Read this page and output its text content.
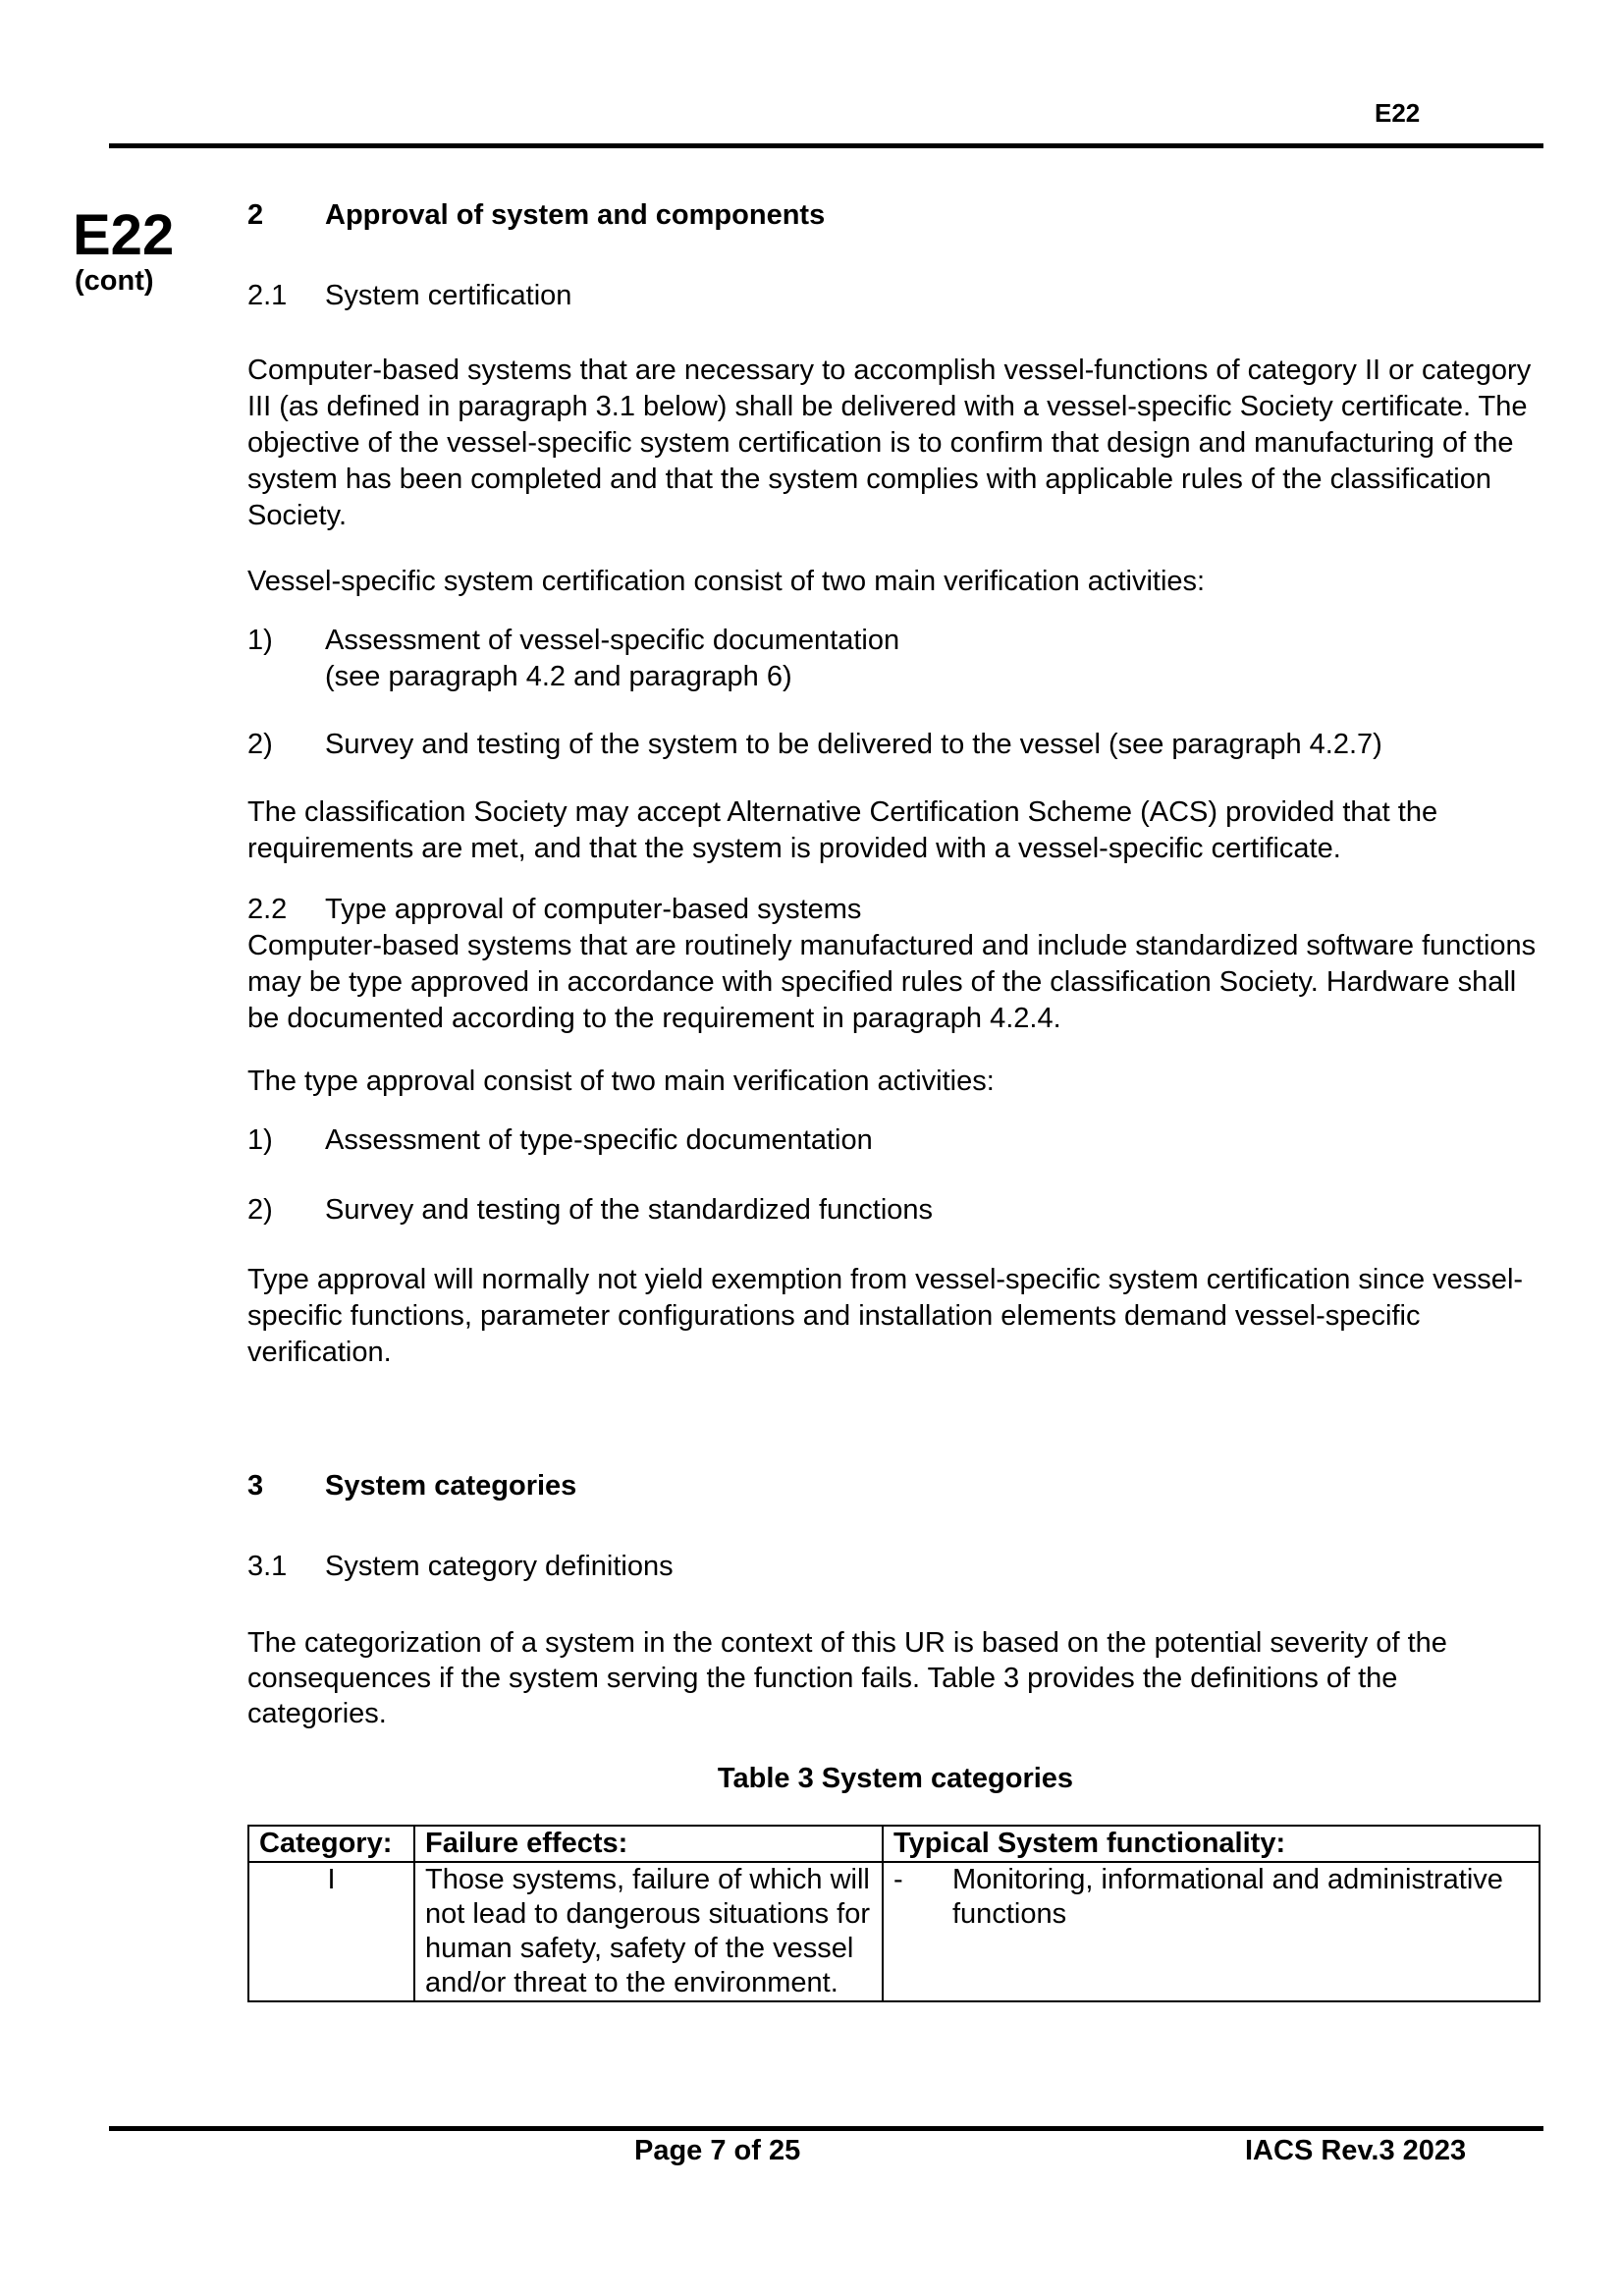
E22
E22
(cont)
2 Approval of system and components
2.1 System certification
Computer-based systems that are necessary to accomplish vessel-functions of category II or category III (as defined in paragraph 3.1 below) shall be delivered with a vessel-specific Society certificate. The objective of the vessel-specific system certification is to confirm that design and manufacturing of the system has been completed and that the system complies with applicable rules of the classification Society.
Vessel-specific system certification consist of two main verification activities:
1)	Assessment of vessel-specific documentation
(see paragraph 4.2 and paragraph 6)
2)	Survey and testing of the system to be delivered to the vessel (see paragraph 4.2.7)
The classification Society may accept Alternative Certification Scheme (ACS) provided that the requirements are met, and that the system is provided with a vessel-specific certificate.
2.2 Type approval of computer-based systems
Computer-based systems that are routinely manufactured and include standardized software functions may be type approved in accordance with specified rules of the classification Society. Hardware shall be documented according to the requirement in paragraph 4.2.4.
The type approval consist of two main verification activities:
1)	Assessment of type-specific documentation
2)	Survey and testing of the standardized functions
Type approval will normally not yield exemption from vessel-specific system certification since vessel-specific functions, parameter configurations and installation elements demand vessel-specific verification.
3 System categories
3.1 System category definitions
The categorization of a system in the context of this UR is based on the potential severity of the consequences if the system serving the function fails. Table 3 provides the definitions of the categories.
Table 3 System categories
Category:	Failure effects:	Typical System functionality:
I	Those systems, failure of which will not lead to dangerous situations for human safety, safety of the vessel and/or threat to the environment.	- Monitoring, informational and administrative functions
Page 7 of 25	IACS Rev.3 2023
